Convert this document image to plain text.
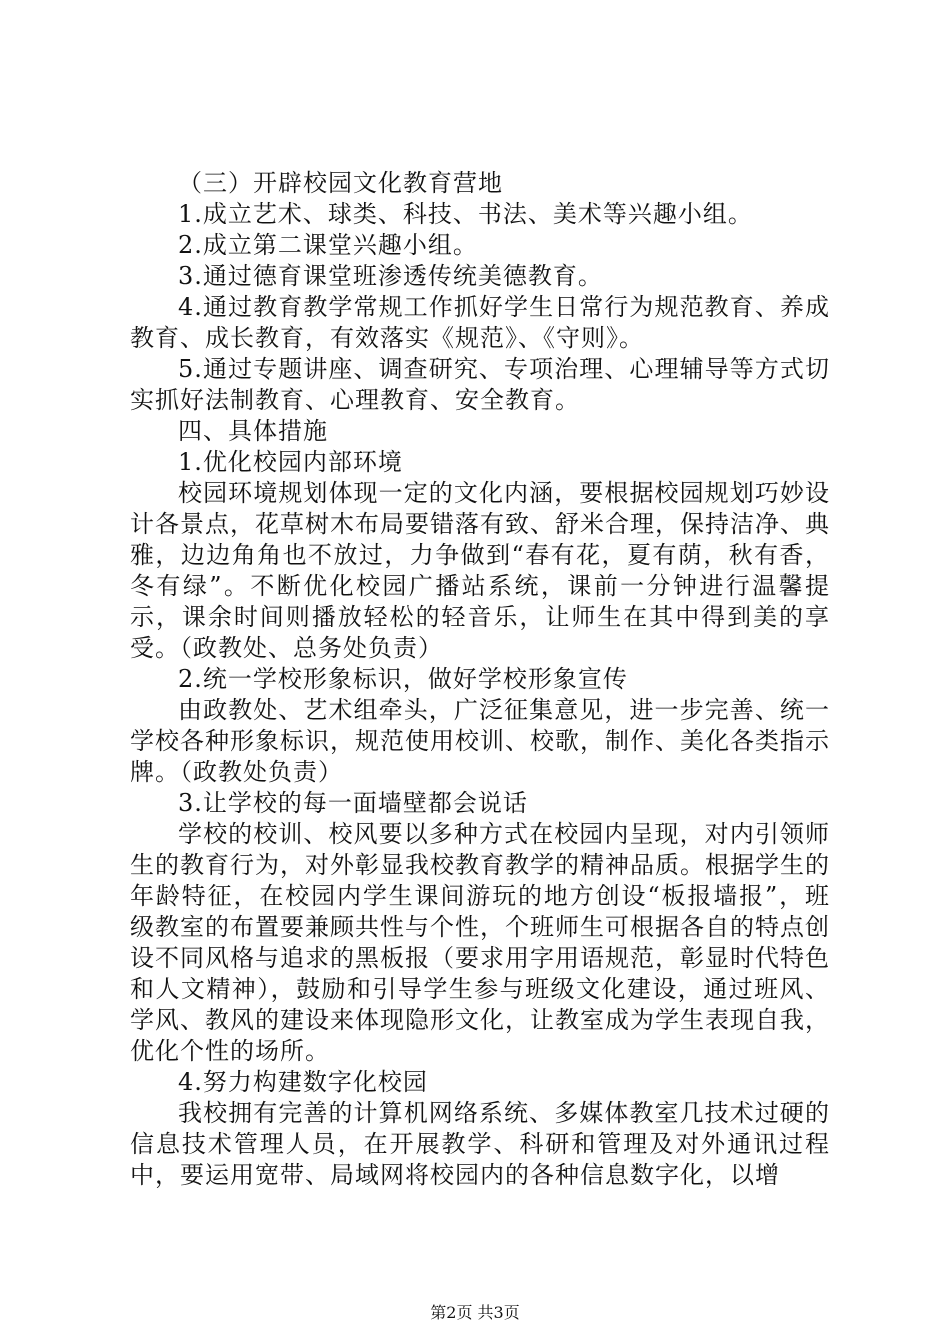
（三）开辟校园文化教育营地

1.成立艺术、球类、科技、书法、美术等兴趣小组。

2.成立第二课堂兴趣小组。

3.通过德育课堂班渗透传统美德教育。

4.通过教育教学常规工作抓好学生日常行为规范教育、养成教育、成长教育，有效落实《规范》、《守则》。

5.通过专题讲座、调查研究、专项治理、心理辅导等方式切实抓好法制教育、心理教育、安全教育。

四、具体措施

1.优化校园内部环境

校园环境规划体现一定的文化内涵，要根据校园规划巧妙设计各景点，花草树木布局要错落有致、舒米合理，保持洁净、典雅，边边角角也不放过，力争做到“春有花，夏有荫，秋有香，冬有绿”。不断优化校园广播站系统，课前一分钟进行温馨提示，课余时间则播放轻松的轻音乐，让师生在其中得到美的享受。（政教处、总务处负责）

2.统一学校形象标识，做好学校形象宣传

由政教处、艺术组牵头，广泛征集意见，进一步完善、统一学校各种形象标识，规范使用校训、校歌，制作、美化各类指示牌。（政教处负责）

3.让学校的每一面墙壁都会说话

学校的校训、校风要以多种方式在校园内呈现，对内引领师生的教育行为，对外彰显我校教育教学的精神品质。根据学生的年龄特征，在校园内学生课间游玩的地方创设“板报墙报”，班级教室的布置要兼顾共性与个性，个班师生可根据各自的特点创设不同风格与追求的黑板报（要求用字用语规范，彰显时代特色和人文精神），鼓励和引导学生参与班级文化建设，通过班风、学风、教风的建设来体现隐形文化，让教室成为学生表现自我，优化个性的场所。

4.努力构建数字化校园

我校拥有完善的计算机网络系统、多媒体教室几技术过硬的信息技术管理人员，在开展教学、科研和管理及对外通讯过程中，要运用宽带、局域网将校园内的各种信息数字化，以增

第2页 共3页
